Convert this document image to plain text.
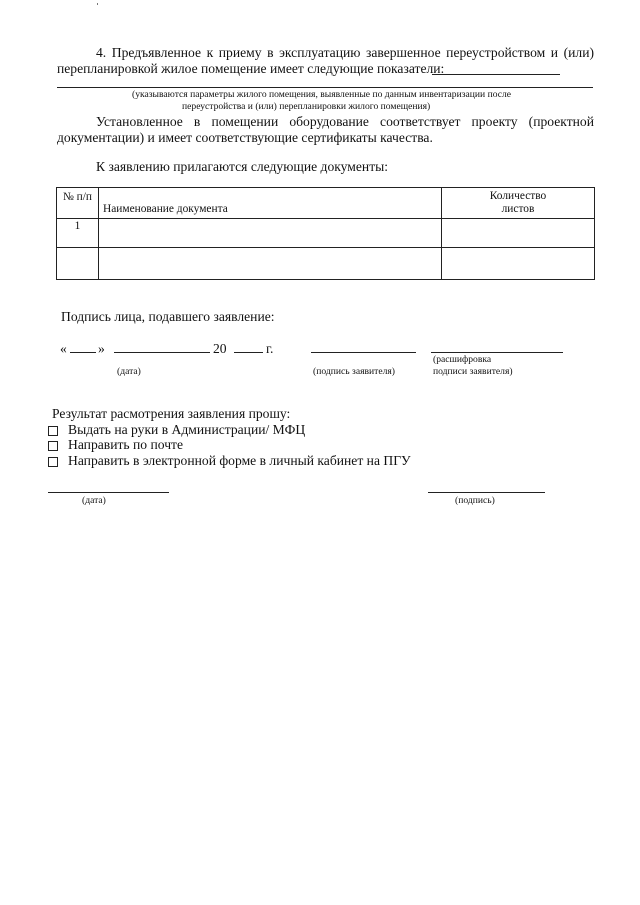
4. Предъявленное к приему в эксплуатацию завершенное переустройством и (или)
перепланировкой жилое помещение имеет следующие показатели:
(указываются параметры жилого помещения, выявленные по данным инвентаризации после
переустройства и (или) перепланировки жилого помещения)
Установленное в помещении оборудование соответствует проекту (проектной
документации) и имеет соответствующие сертификаты качества.
К заявлению прилагаются следующие документы:
№ п/п	Наименование документа	Количество
листов

1		

Подпись лица, подавшего заявление:
« »	20	г.
(расшифровка
(дата)	(подпись заявителя)	подписи заявителя)
Результат расмотрения заявления прошу:
Выдать на руки в Администрации/ МФЦ
Направить по почте
Направить в электронной форме в личный кабинет на ПГУ
(дата)	(подпись)
